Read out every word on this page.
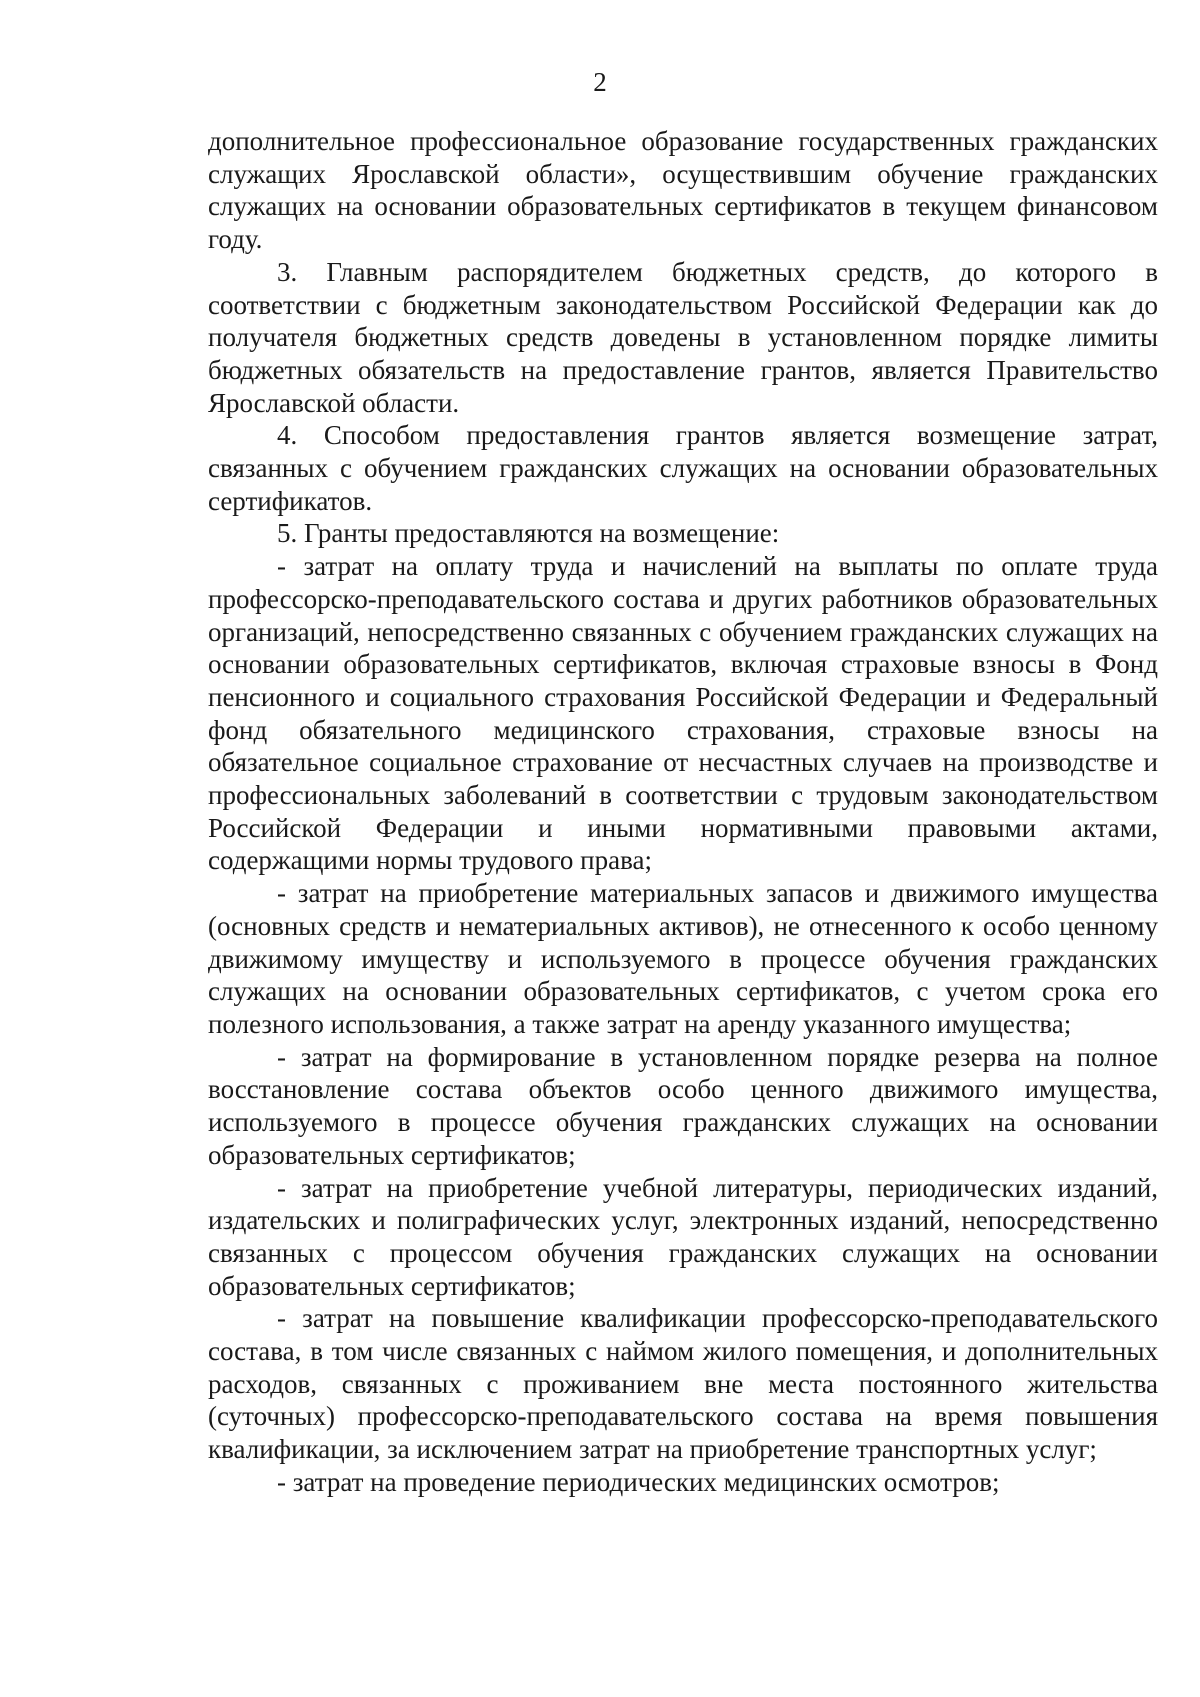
2

дополнительное профессиональное образование государственных гражданских служащих Ярославской области», осуществившим обучение гражданских служащих на основании образовательных сертификатов в текущем финансовом году.

3. Главным распорядителем бюджетных средств, до которого в соответствии с бюджетным законодательством Российской Федерации как до получателя бюджетных средств доведены в установленном порядке лимиты бюджетных обязательств на предоставление грантов, является Правительство Ярославской области.

4. Способом предоставления грантов является возмещение затрат, связанных с обучением гражданских служащих на основании образовательных сертификатов.

5. Гранты предоставляются на возмещение:

- затрат на оплату труда и начислений на выплаты по оплате труда профессорско-преподавательского состава и других работников образовательных организаций, непосредственно связанных с обучением гражданских служащих на основании образовательных сертификатов, включая страховые взносы в Фонд пенсионного и социального страхования Российской Федерации и Федеральный фонд обязательного медицинского страхования, страховые взносы на обязательное социальное страхование от несчастных случаев на производстве и профессиональных заболеваний в соответствии с трудовым законодательством Российской Федерации и иными нормативными правовыми актами, содержащими нормы трудового права;

- затрат на приобретение материальных запасов и движимого имущества (основных средств и нематериальных активов), не отнесенного к особо ценному движимому имуществу и используемого в процессе обучения гражданских служащих на основании образовательных сертификатов, с учетом срока его полезного использования, а также затрат на аренду указанного имущества;

- затрат на формирование в установленном порядке резерва на полное восстановление состава объектов особо ценного движимого имущества, используемого в процессе обучения гражданских служащих на основании образовательных сертификатов;

- затрат на приобретение учебной литературы, периодических изданий, издательских и полиграфических услуг, электронных изданий, непосредственно связанных с процессом обучения гражданских служащих на основании образовательных сертификатов;

- затрат на повышение квалификации профессорско-преподавательского состава, в том числе связанных с наймом жилого помещения, и дополнительных расходов, связанных с проживанием вне места постоянного жительства (суточных) профессорско-преподавательского состава на время повышения квалификации, за исключением затрат на приобретение транспортных услуг;

- затрат на проведение периодических медицинских осмотров;
